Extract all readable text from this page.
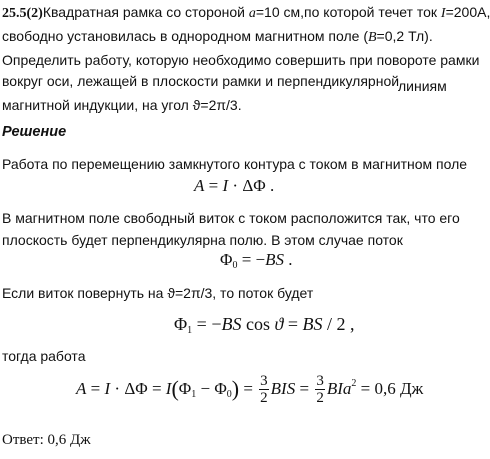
25.5(2)Квадратная рамка со стороной a=10 см,по которой течет ток I=200А,
свободно установилась в однородном магнитном поле (B=0,2 Тл).
Определить работу, которую необходимо совершить при повороте рамки
вокруг оси, лежащей в плоскости рамки и перпендикулярной
линиям
магнитной индукции, на угол ϑ=2π/3.
Решение
Работа по перемещению замкнутого контура с током в магнитном поле
A = I · ΔΦ .
В магнитном поле свободный виток с током расположится так, что его
плоскость будет перпендикулярна полю. В этом случае поток
$\Phi_0 = -BS$ .
Если виток повернуть на ϑ=2π/3, то поток будет
$\Phi_1 = -BS$ cos ϑ = BS / 2 ,
тогда работа
$A = I \cdot \Delta\Phi = I(\Phi_1 - \Phi_0) = \frac{3}{2}$ BIS = $\frac{3}{2} BIa^2 = 0,6$ Дж
Ответ: 0,6 Дж
